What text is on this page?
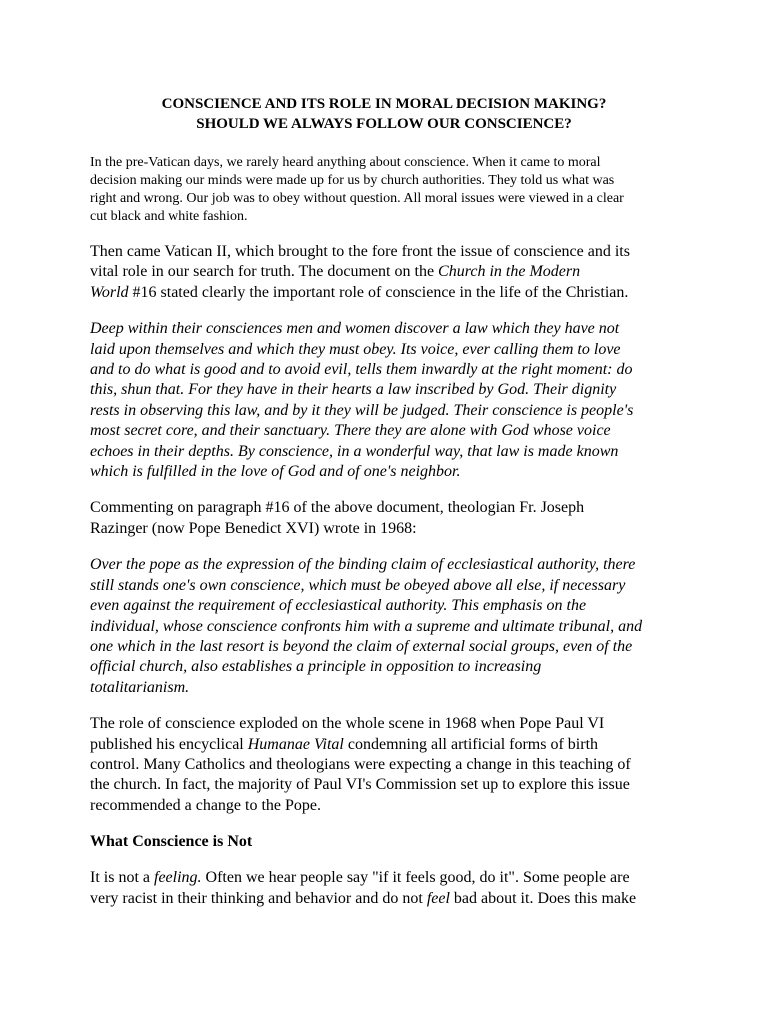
CONSCIENCE AND ITS ROLE IN MORAL DECISION MAKING?
SHOULD WE ALWAYS FOLLOW OUR CONSCIENCE?

In the pre-Vatican days, we rarely heard anything about conscience. When it came to moral
decision making our minds were made up for us by church authorities. They told us what was
right and wrong. Our job was to obey without question. All moral issues were viewed in a clear
cut black and white fashion.

Then came Vatican II, which brought to the fore front the issue of conscience and its
vital role in our search for truth. The document on the Church in the Modern
World #16 stated clearly the important role of conscience in the life of the Christian.

Deep within their consciences men and women discover a law which they have not
laid upon themselves and which they must obey. Its voice, ever calling them to love
and to do what is good and to avoid evil, tells them inwardly at the right moment: do
this, shun that. For they have in their hearts a law inscribed by God. Their dignity
rests in observing this law, and by it they will be judged. Their conscience is people's
most secret core, and their sanctuary. There they are alone with God whose voice
echoes in their depths. By conscience, in a wonderful way, that law is made known
which is fulfilled in the love of God and of one's neighbor.

Commenting on paragraph #16 of the above document, theologian Fr. Joseph
Razinger (now Pope Benedict XVI) wrote in 1968:

Over the pope as the expression of the binding claim of ecclesiastical authority, there
still stands one's own conscience, which must be obeyed above all else, if necessary
even against the requirement of ecclesiastical authority. This emphasis on the
individual, whose conscience confronts him with a supreme and ultimate tribunal, and
one which in the last resort is beyond the claim of external social groups, even of the
official church, also establishes a principle in opposition to increasing
totalitarianism.

The role of conscience exploded on the whole scene in 1968 when Pope Paul VI
published his encyclical Humanae Vital condemning all artificial forms of birth
control. Many Catholics and theologians were expecting a change in this teaching of
the church. In fact, the majority of Paul VI's Commission set up to explore this issue
recommended a change to the Pope.

What Conscience is Not

It is not a feeling. Often we hear people say "if it feels good, do it". Some people are
very racist in their thinking and behavior and do not feel bad about it. Does this make
